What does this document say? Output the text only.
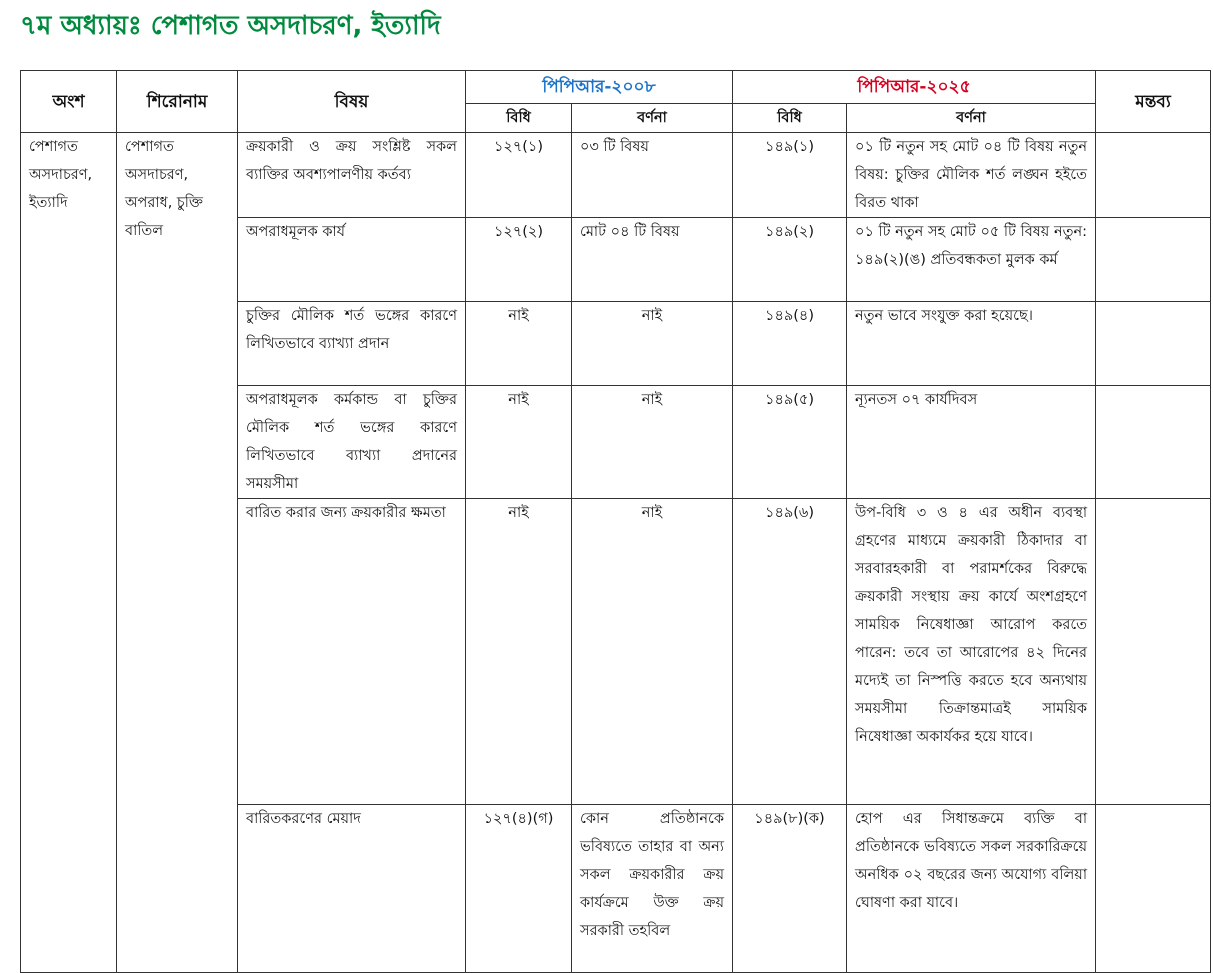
৭ম অধ্যায়ঃ পেশাগত অসদাচরণ, ইত্যাদি
অংশ	শিরোনাম	বিষয়	পিপিআর-২০০৮		পিপিআর-২০২৫		মন্তব্য
			বিধি	বর্ণনা	বিধি	বর্ণনা	
পেশাগত অসদাচরণ, ইত্যাদি	পেশাগত অসদাচরণ, অপরাধ, চুক্তি বাতিল	ক্রয়কারী ও ক্রয় সংশ্লিষ্ট সকল ব্যাক্তির অবশ্যপালণীয় কর্তব্য	১২৭(১)	০৩ টি বিষয়	১৪৯(১)	০১ টি নতুন সহ মোট ০৪ টি বিষয় নতুন বিষয়: চুক্তির মৌলিক শর্ত লঙ্ঘন হইতে বিরত থাকা	
		অপরাধমূলক কার্য	১২৭(২)	মোট ০৪ টি বিষয়	১৪৯(২)	০১ টি নতুন সহ মোট ০৫ টি বিষয় নতুন: ১৪৯(২)(ঙ) প্রতিবন্ধকতা মুলক কর্ম	
		চুক্তির মৌলিক শর্ত ভঙ্গের কারণে লিখিতভাবে ব্যাখ্যা প্রদান	নাই	নাই	১৪৯(৪)	নতুন ভাবে সংযুক্ত করা হয়েছে।	
		অপরাধমূলক কর্মকান্ড বা চুক্তির মৌলিক শর্ত ভঙ্গের কারণে লিখিতভাবে ব্যাখ্যা প্রদানের সময়সীমা	নাই	নাই	১৪৯(৫)	ন্যূনতস ০৭ কার্যদিবস	
		বারিত করার জন্য ক্রয়কারীর ক্ষমতা	নাই	নাই	১৪৯(৬)	উপ-বিধি ৩ ও ৪ এর অধীন ব্যবস্থা গ্রহণের মাধ্যমে ক্রয়কারী ঠিকাদার বা সরবারহকারী বা পরামর্শকের বিরুদ্ধে ক্রয়কারী সংস্থায় ক্রয় কার্যে অংশগ্রহণে সাময়িক নিষেধাজ্ঞা আরোপ করতে পারেন: তবে তা আরোপের ৪২ দিনের মদ্যেই তা নিস্পত্তি করতে হবে অন্যথায় সময়সীমা তিক্রান্তমাত্রই সাময়িক নিষেধাজ্ঞা অকার্যকর হয়ে যাবে।	
		বারিতকরণের মেয়াদ	১২৭(৪)(গ)	কোন প্রতিষ্ঠানকে ভবিষ্যতে তাহার বা অন্য সকল ক্রয়কারীর ক্রয় কার্যক্রমে উক্ত ক্রয় সরকারী তহবিল	১৪৯(৮)(ক)	হোপ এর সিধান্তক্রমে ব্যক্তি বা প্রতিষ্ঠানকে ভবিষ্যতে সকল সরকারিক্রয়ে অনধিক ০২ বছরের জন্য অযোগ্য বলিয়া ঘোষণা করা যাবে।	
